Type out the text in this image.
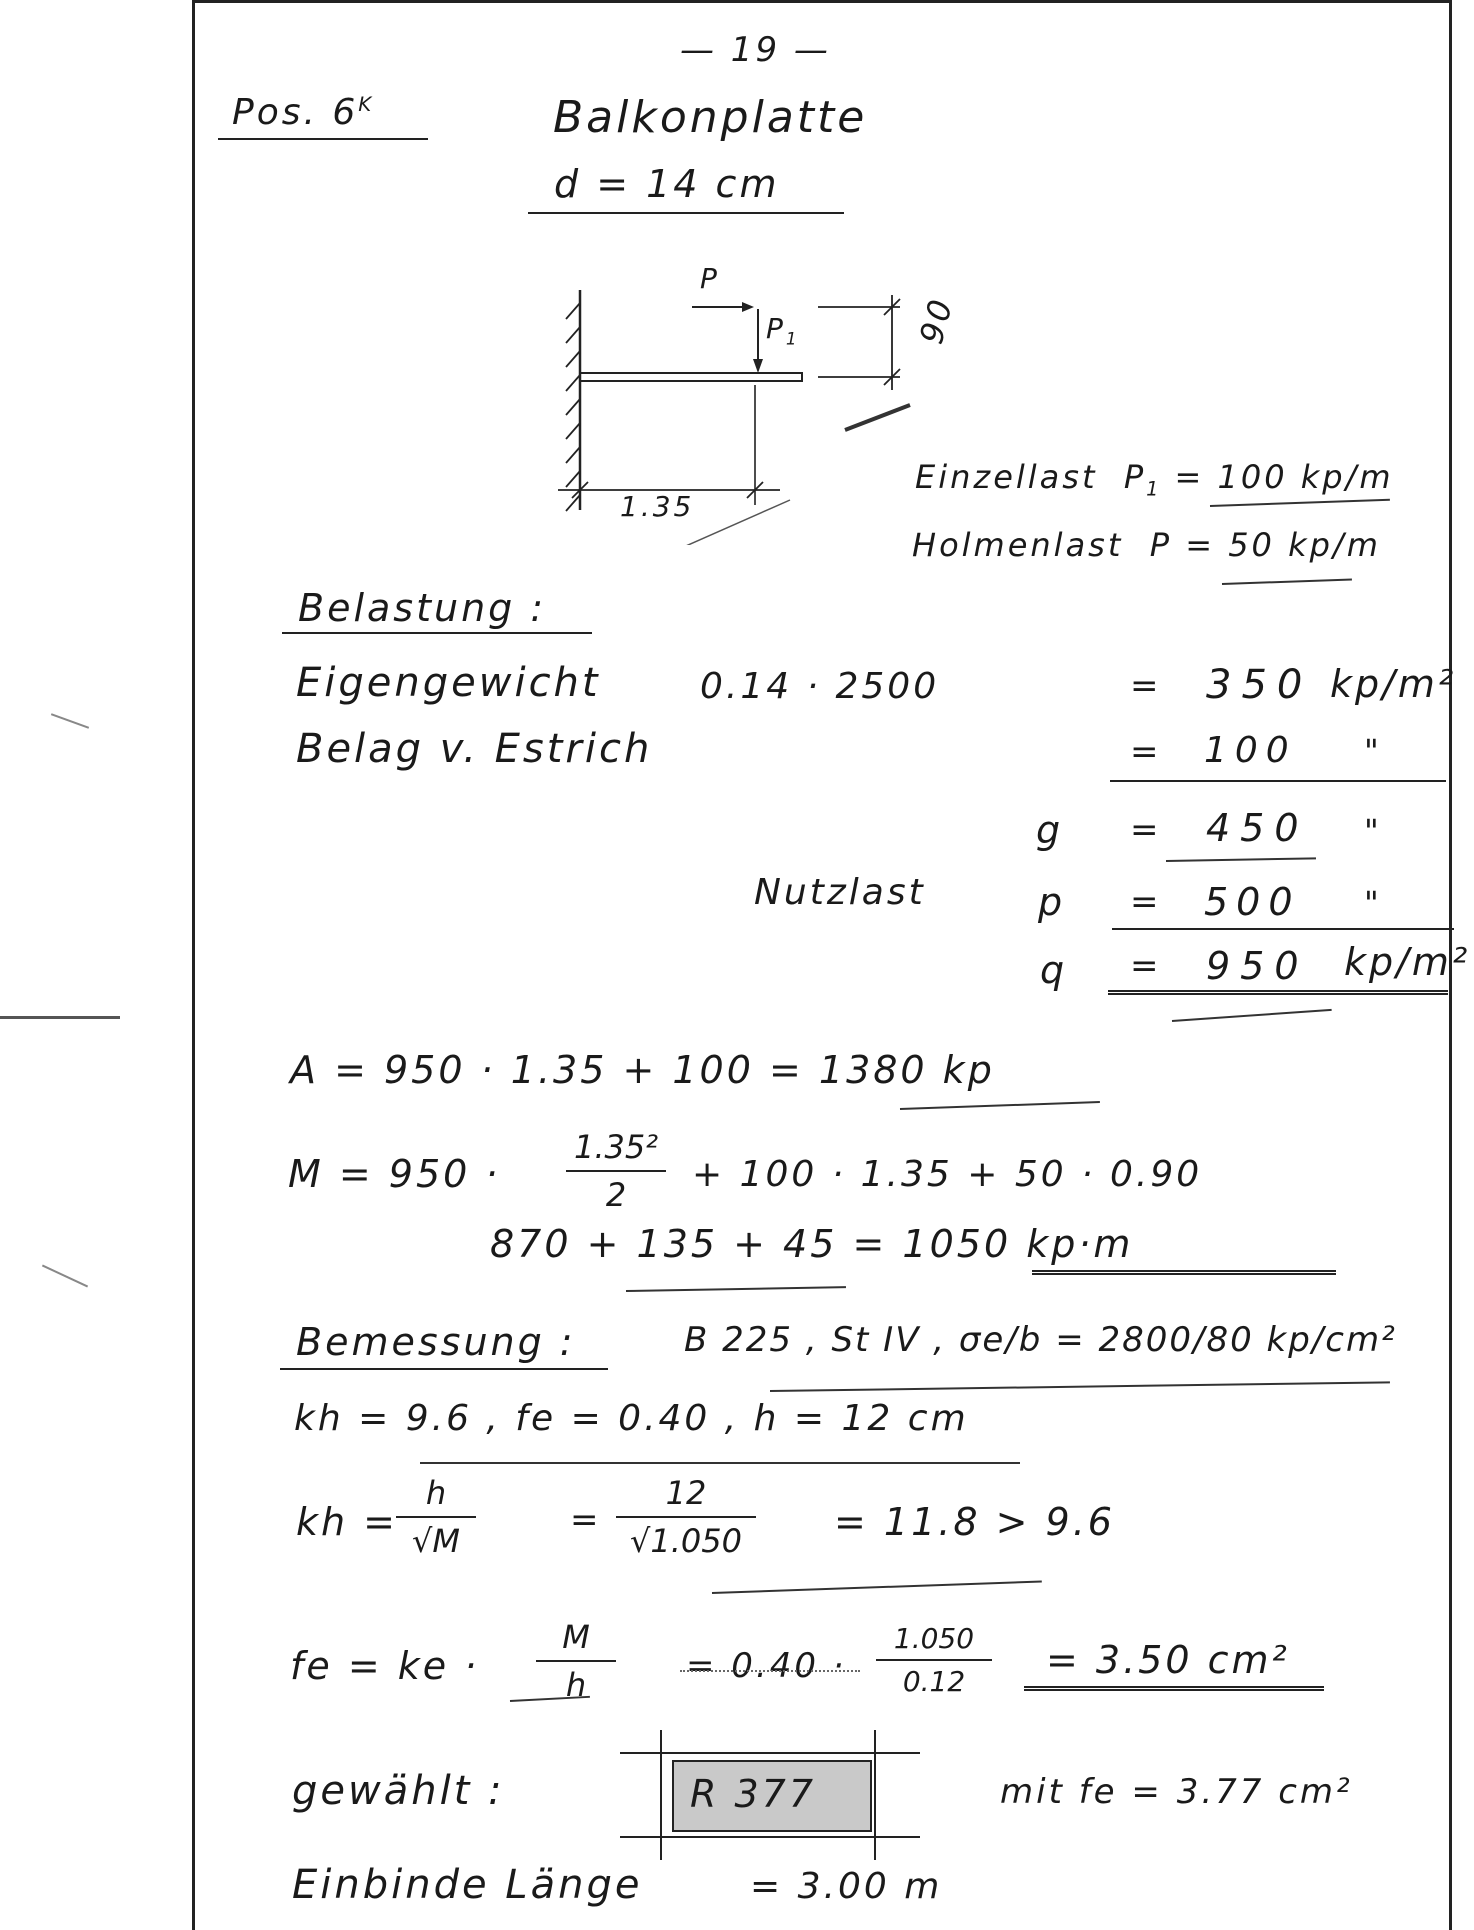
— 19 —
Pos. $6^K$	Balkonplatte
d = 14 cm
P
$P_1$	90
1.35
Einzellast $P_1 = 100$ kp/m
Holmenlast P = 50 kp/m
Belastung :
Eigengewicht	0.14 · 2500	= 350 kp/m²
Belag v. Estrich	= 100 "
g = 450 "
Nutzlast	p = 500 "
q = 950 kp/m²
A = 950 · 1.35 + 100 = 1380 kp
$M = 950 \cdot \frac{\text{1.35²}}{2} + 100 \cdot 1.35 + 50 \cdot 0.90$
870 + 135 + 45 = 1050 kp·m
Bemessung :	B 225 , St IV , σe/b = 2800/80 kp/cm²
kh = 9.6 , fe = 0.40 , h = 12 cm
kh =
$\frac{h}{√M}$	= $\frac{12}{√1.050} = 11.8 > 9.6$
fe = ke · $\frac{M}{h} = 0.40 \cdot \frac{1.050}{0.12} = 3.50$ cm²
gewählt :	R 377	mit fe = 3.77 cm²
Einbinde Länge	= 3.00 m
